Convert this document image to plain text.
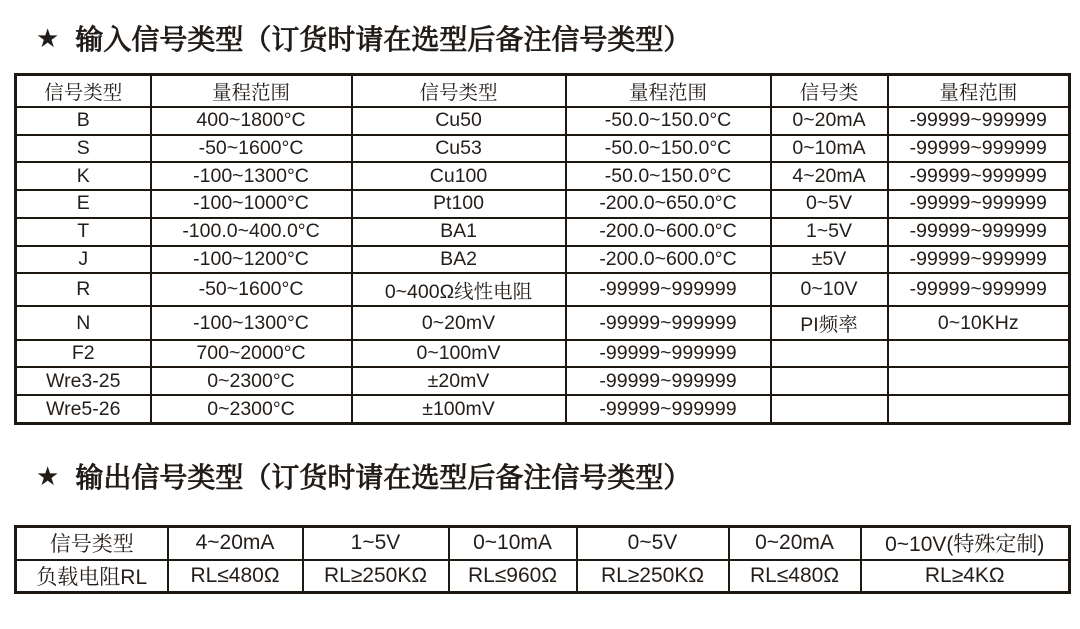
★ 输入信号类型（订货时请在选型后备注信号类型）
信号类型	量程范围	信号类型	量程范围	信号类	量程范围
B	400~1800°C	Cu50	-50.0~150.0°C	0~20mA	-99999~999999
S	-50~1600°C	Cu53	-50.0~150.0°C	0~10mA	-99999~999999
K	-100~1300°C	Cu100	-50.0~150.0°C	4~20mA	-99999~999999
E	-100~1000°C	Pt100	-200.0~650.0°C	0~5V	-99999~999999
T	-100.0~400.0°C	BA1	-200.0~600.0°C	1~5V	-99999~999999
J	-100~1200°C	BA2	-200.0~600.0°C	±5V	-99999~999999
R	-50~1600°C	0~400Ω线性电阻	-99999~999999	0~10V	-99999~999999
N	-100~1300°C	0~20mV	-99999~999999	PI频率	0~10KHz
F2	700~2000°C	0~100mV	-99999~999999		
Wre3-25	0~2300°C	±20mV	-99999~999999		
Wre5-26	0~2300°C	±100mV	-99999~999999		
★ 输出信号类型（订货时请在选型后备注信号类型）
信号类型	4~20mA	1~5V	0~10mA	0~5V	0~20mA	0~10V(特殊定制)
负载电阻RL	RL≤480Ω	RL≥250KΩ	RL≤960Ω	RL≥250KΩ	RL≤480Ω	RL≥4KΩ
